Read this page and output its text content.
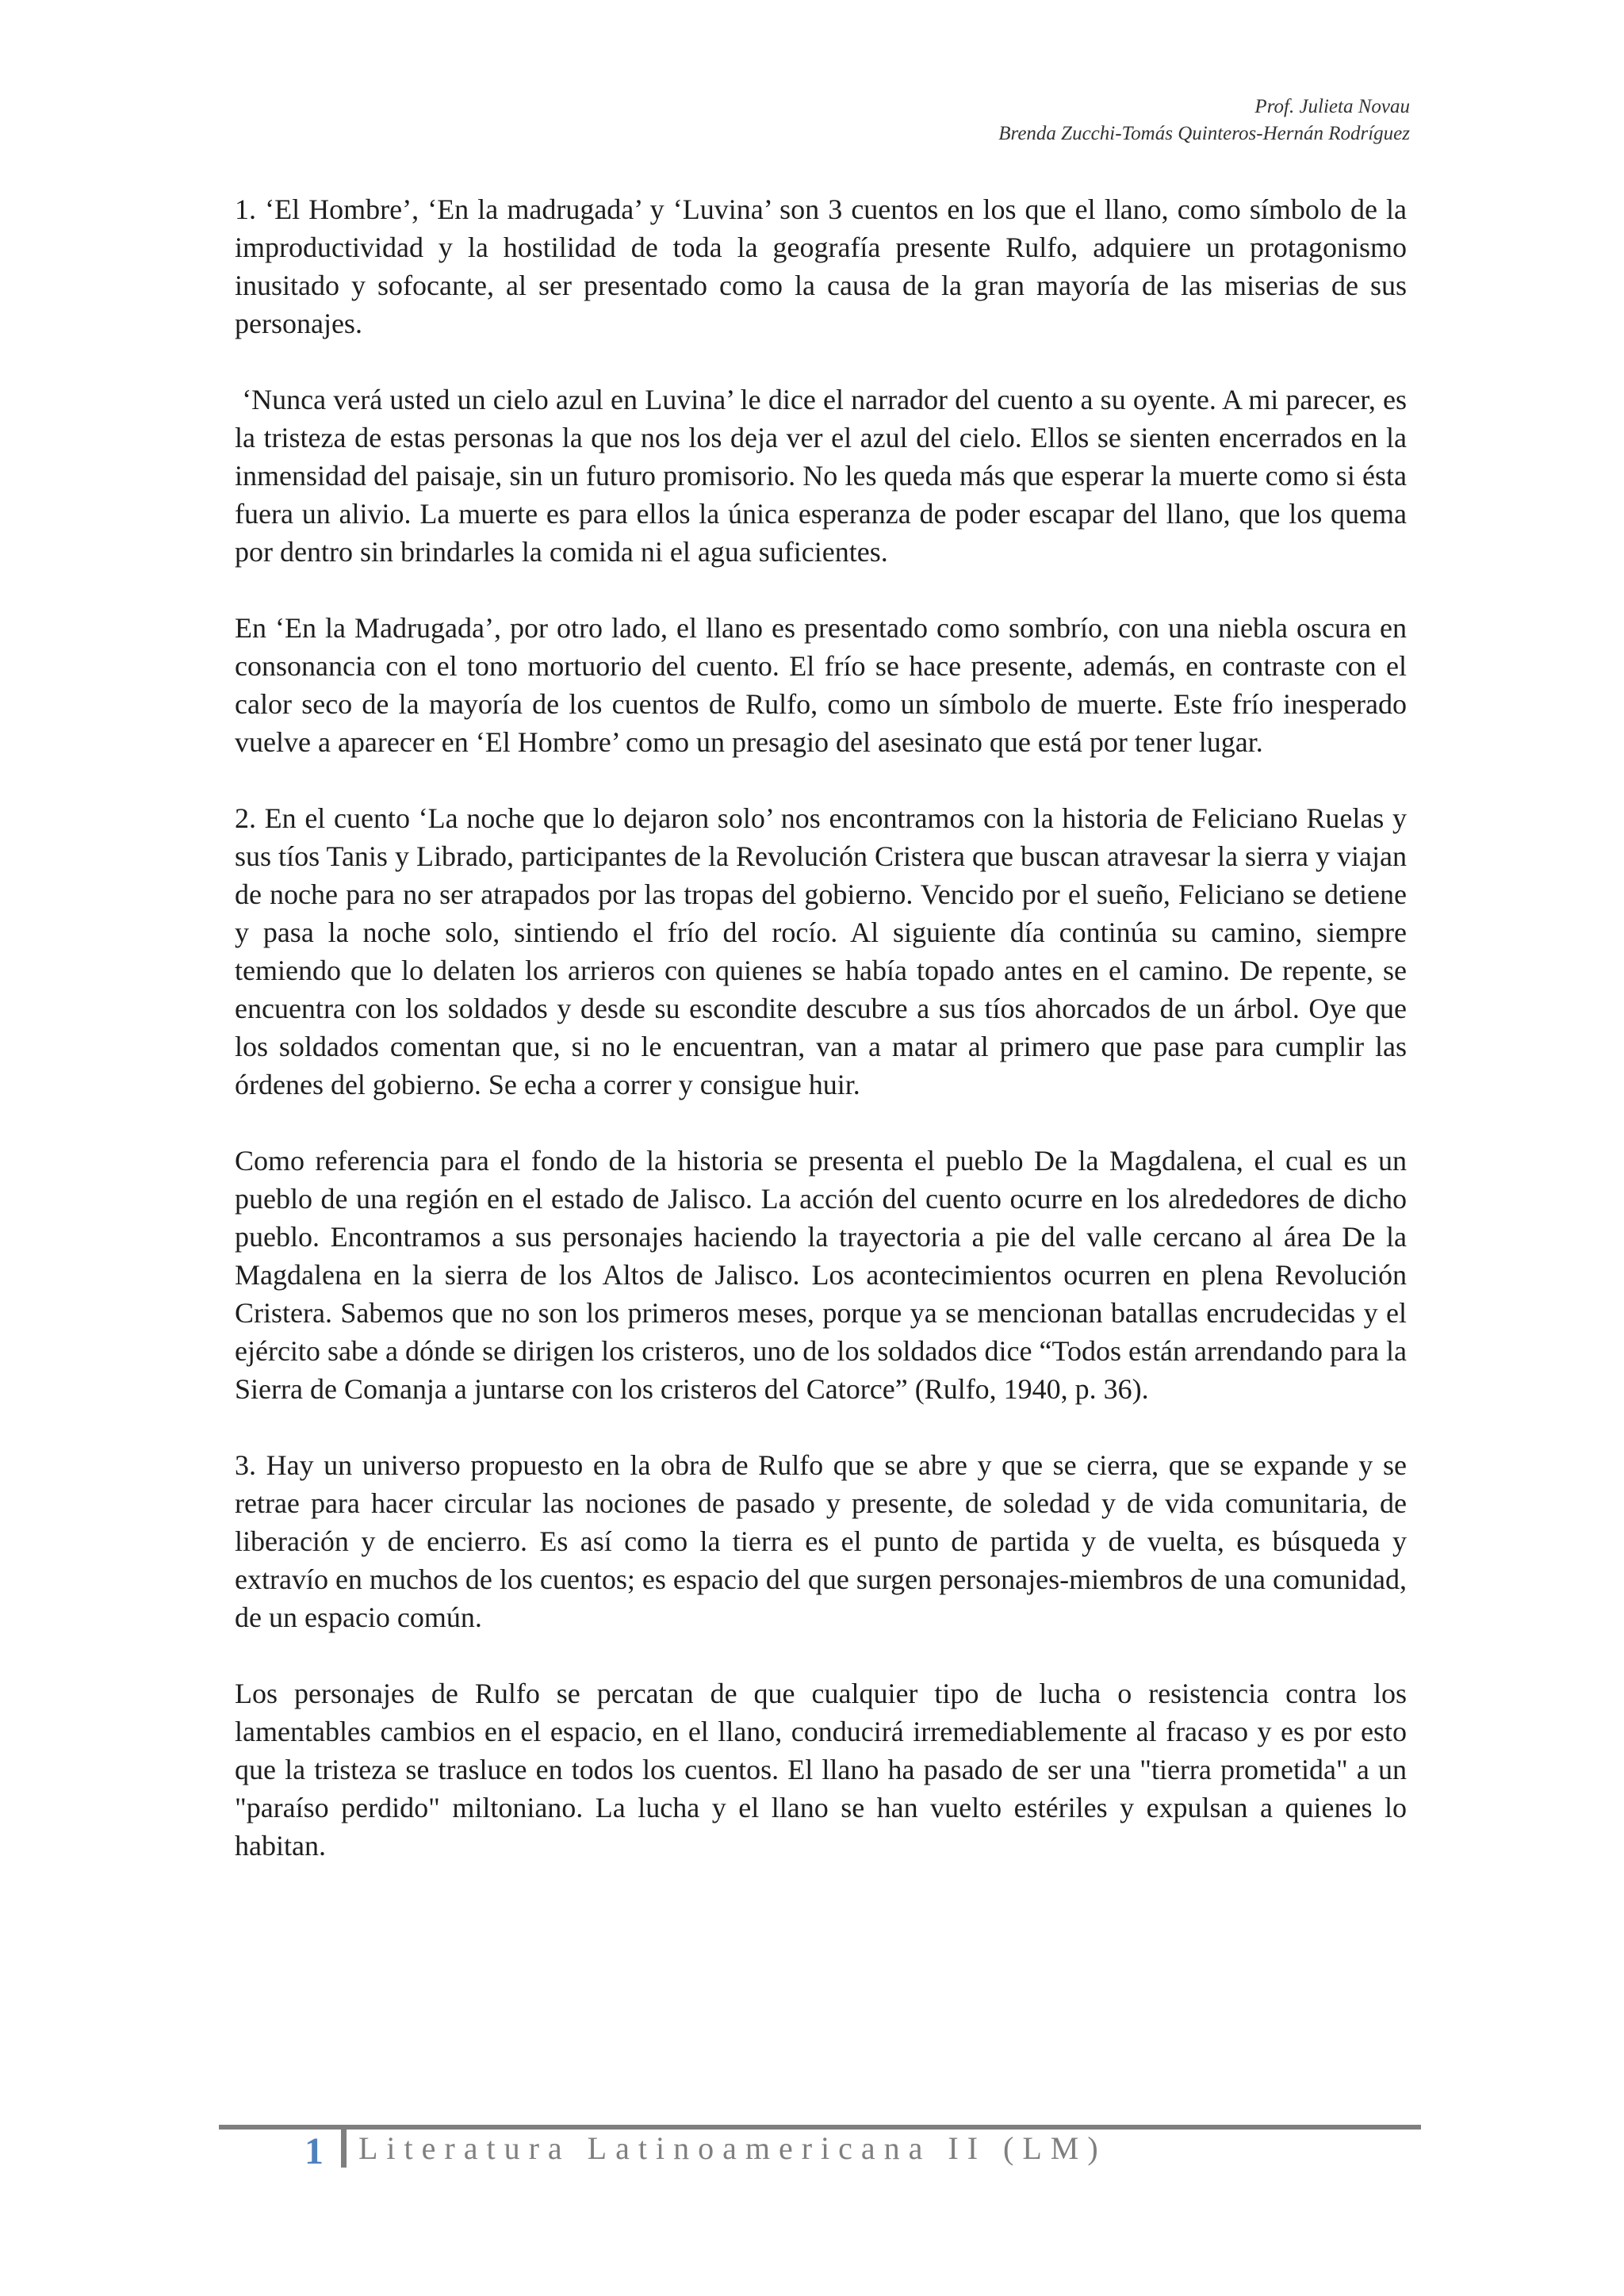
Prof. Julieta Novau
Brenda Zucchi-Tomás Quinteros-Hernán Rodríguez

1. ‘El Hombre’, ‘En la madrugada’ y ‘Luvina’ son 3 cuentos en los que el llano, como símbolo de la improductividad y la hostilidad de toda la geografía presente Rulfo, adquiere un protagonismo inusitado y sofocante, al ser presentado como la causa de la gran mayoría de las miserias de sus personajes.

‘Nunca verá usted un cielo azul en Luvina’ le dice el narrador del cuento a su oyente. A mi parecer, es la tristeza de estas personas la que nos los deja ver el azul del cielo. Ellos se sienten encerrados en la inmensidad del paisaje, sin un futuro promisorio. No les queda más que esperar la muerte como si ésta fuera un alivio. La muerte es para ellos la única esperanza de poder escapar del llano, que los quema por dentro sin brindarles la comida ni el agua suficientes.

En ‘En la Madrugada’, por otro lado, el llano es presentado como sombrío, con una niebla oscura en consonancia con el tono mortuorio del cuento. El frío se hace presente, además, en contraste con el calor seco de la mayoría de los cuentos de Rulfo, como un símbolo de muerte. Este frío inesperado vuelve a aparecer en ‘El Hombre’ como un presagio del asesinato que está por tener lugar.

2. En el cuento ‘La noche que lo dejaron solo’ nos encontramos con la historia de Feliciano Ruelas y sus tíos Tanis y Librado, participantes de la Revolución Cristera que buscan atravesar la sierra y viajan de noche para no ser atrapados por las tropas del gobierno. Vencido por el sueño, Feliciano se detiene y pasa la noche solo, sintiendo el frío del rocío. Al siguiente día continúa su camino, siempre temiendo que lo delaten los arrieros con quienes se había topado antes en el camino. De repente, se encuentra con los soldados y desde su escondite descubre a sus tíos ahorcados de un árbol. Oye que los soldados comentan que, si no le encuentran, van a matar al primero que pase para cumplir las órdenes del gobierno. Se echa a correr y consigue huir.

Como referencia para el fondo de la historia se presenta el pueblo De la Magdalena, el cual es un pueblo de una región en el estado de Jalisco. La acción del cuento ocurre en los alrededores de dicho pueblo. Encontramos a sus personajes haciendo la trayectoria a pie del valle cercano al área De la Magdalena en la sierra de los Altos de Jalisco. Los acontecimientos ocurren en plena Revolución Cristera. Sabemos que no son los primeros meses, porque ya se mencionan batallas encrudecidas y el ejército sabe a dónde se dirigen los cristeros, uno de los soldados dice “Todos están arrendando para la Sierra de Comanja a juntarse con los cristeros del Catorce” (Rulfo, 1940, p. 36).

3. Hay un universo propuesto en la obra de Rulfo que se abre y que se cierra, que se expande y se retrae para hacer circular las nociones de pasado y presente, de soledad y de vida comunitaria, de liberación y de encierro. Es así como la tierra es el punto de partida y de vuelta, es búsqueda y extravío en muchos de los cuentos; es espacio del que surgen personajes-miembros de una comunidad, de un espacio común.

Los personajes de Rulfo se percatan de que cualquier tipo de lucha o resistencia contra los lamentables cambios en el espacio, en el llano, conducirá irremediablemente al fracaso y es por esto que la tristeza se trasluce en todos los cuentos. El llano ha pasado de ser una "tierra prometida" a un "paraíso perdido" miltoniano. La lucha y el llano se han vuelto estériles y expulsan a quienes lo habitan.

1 Literatura Latinoamericana II (LM)
